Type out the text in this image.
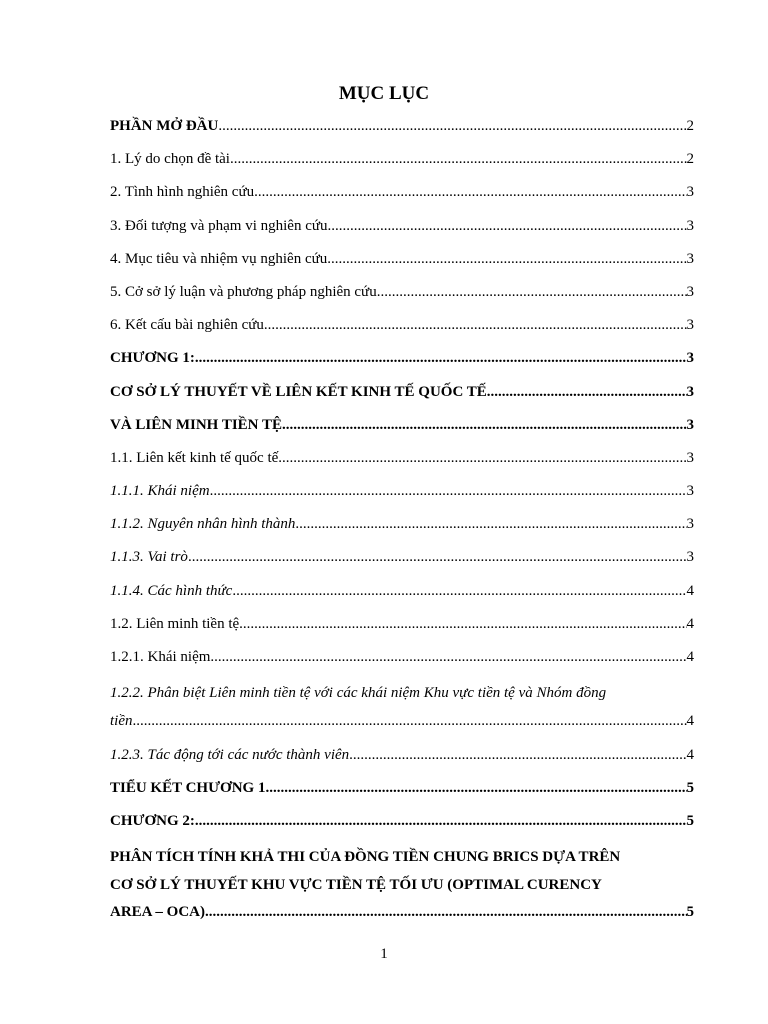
MỤC LỤC
PHẦN MỞ ĐẦU .....	2
1. Lý do chọn đề tài .....	2
2. Tình hình nghiên cứu .....	3
3. Đối tượng và phạm vi nghiên cứu .....	3
4. Mục tiêu và nhiệm vụ nghiên cứu .....	3
5. Cở sở lý luận và phương pháp nghiên cứu .....	3
6. Kết cấu bài nghiên cứu .....	3
CHƯƠNG 1: .....	3
CƠ SỞ LÝ THUYẾT VỀ LIÊN KẾT KINH TẾ QUỐC TẾ .....	3
VÀ LIÊN MINH TIỀN TỆ .....	3
1.1. Liên kết kinh tế quốc tế .....	3
1.1.1. Khái niệm .....	3
1.1.2. Nguyên nhân hình thành .....	3
1.1.3. Vai trò .....	3
1.1.4. Các hình thức .....	4
1.2. Liên minh tiền tệ .....	4
1.2.1. Khái niệm .....	4
1.2.2. Phân biệt Liên minh tiền tệ với các khái niệm Khu vực tiền tệ và Nhóm đồng
tiền .....	4
1.2.3. Tác động tới các nước thành viên .....	4
TIỂU KẾT CHƯƠNG 1 .....	5
CHƯƠNG 2: .....	5
PHÂN TÍCH TÍNH KHẢ THI CỦA ĐỒNG TIỀN CHUNG BRICS DỰA TRÊN
CƠ SỞ LÝ THUYẾT KHU VỰC TIỀN TỆ TỐI ƯU (OPTIMAL CURENCY
AREA – OCA) .....	5
1
